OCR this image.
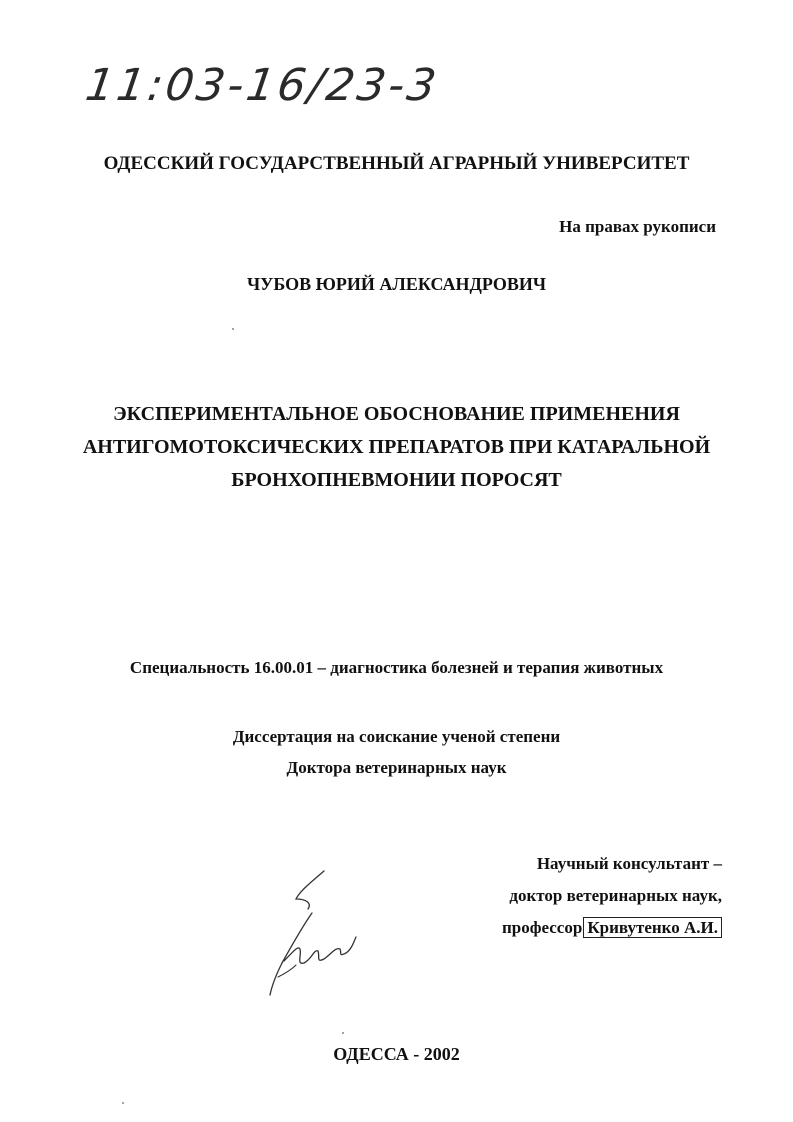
11:03-16/23-3
ОДЕССКИЙ ГОСУДАРСТВЕННЫЙ АГРАРНЫЙ УНИВЕРСИТЕТ
На правах рукописи
ЧУБОВ ЮРИЙ АЛЕКСАНДРОВИЧ
ЭКСПЕРИМЕНТАЛЬНОЕ ОБОСНОВАНИЕ ПРИМЕНЕНИЯ
АНТИГОМОТОКСИЧЕСКИХ ПРЕПАРАТОВ ПРИ КАТАРАЛЬНОЙ
БРОНХОПНЕВМОНИИ ПОРОСЯТ
Специальность 16.00.01 – диагностика болезней и терапия животных
Диссертация на соискание ученой степени
Доктора ветеринарных наук
Научный консультант –
доктор ветеринарных наук,
профессор Кривутенко А.И.
ОДЕССА - 2002
